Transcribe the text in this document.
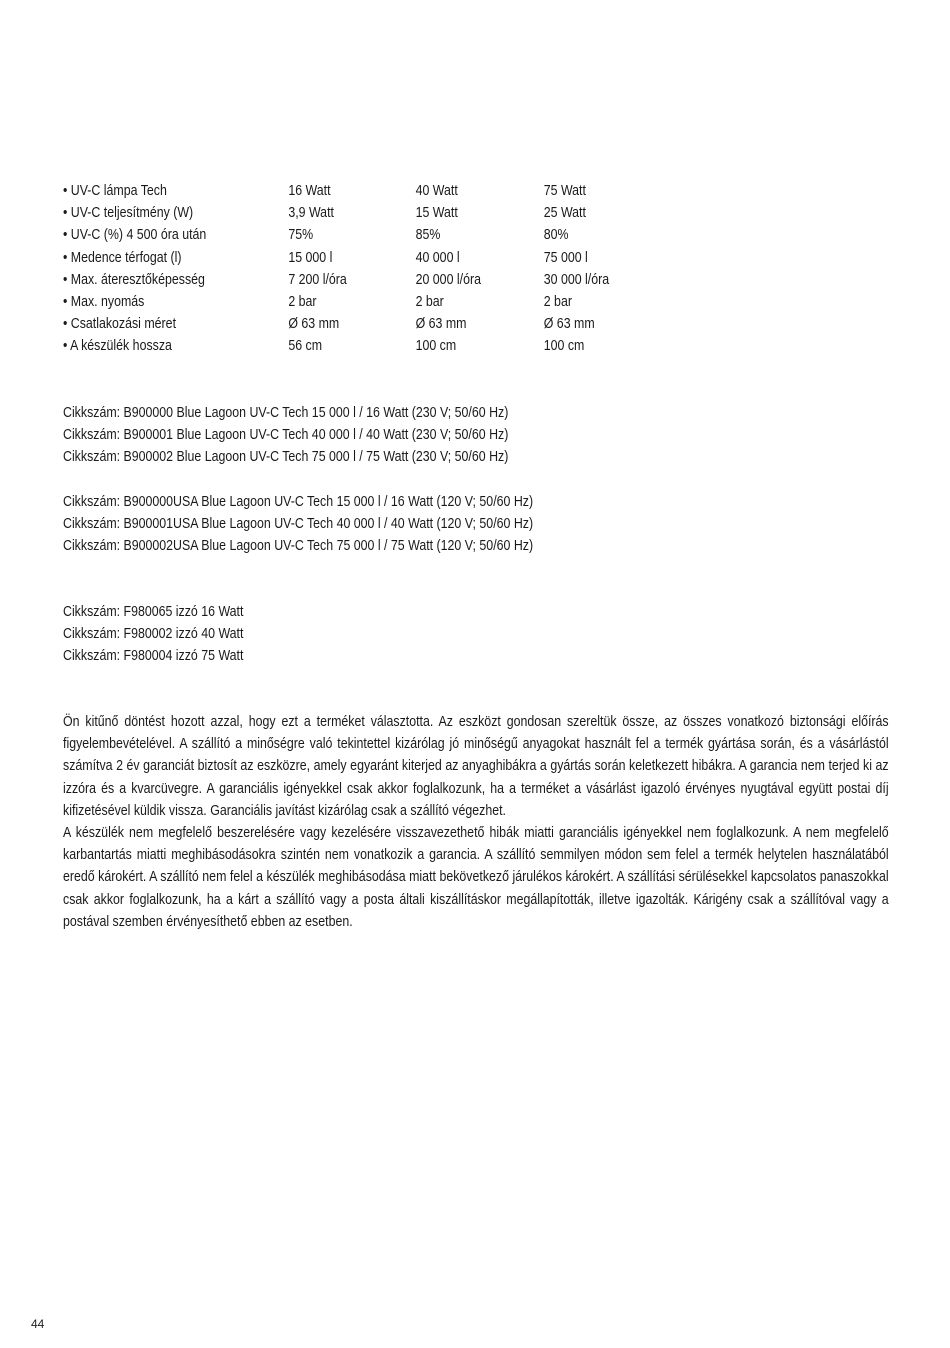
• UV-C lámpa Tech	16 Watt	40 Watt	75 Watt
• UV-C teljesítmény (W)	3,9 Watt	15 Watt	25 Watt
• UV-C (%) 4 500 óra után	75%	85%	80%
• Medence térfogat (l)	15 000 l	40 000 l	75 000 l
• Max. áteresztőképesség	7 200 l/óra	20 000 l/óra	30 000 l/óra
• Max. nyomás	2 bar	2 bar	2 bar
• Csatlakozási méret	Ø 63 mm	Ø 63 mm	Ø 63 mm
• A készülék hossza	56 cm	100 cm	100 cm
Cikkszám: B900000 Blue Lagoon UV-C Tech 15 000 l / 16 Watt (230 V; 50/60 Hz)
Cikkszám: B900001 Blue Lagoon UV-C Tech 40 000 l / 40 Watt (230 V; 50/60 Hz)
Cikkszám: B900002 Blue Lagoon UV-C Tech 75 000 l / 75 Watt (230 V; 50/60 Hz)
Cikkszám: B900000USA Blue Lagoon UV-C Tech 15 000 l / 16 Watt (120 V; 50/60 Hz)
Cikkszám: B900001USA Blue Lagoon UV-C Tech 40 000 l / 40 Watt (120 V; 50/60 Hz)
Cikkszám: B900002USA Blue Lagoon UV-C Tech 75 000 l / 75 Watt (120 V; 50/60 Hz)
Cikkszám: F980065 izzó 16 Watt
Cikkszám: F980002 izzó 40 Watt
Cikkszám: F980004 izzó 75 Watt

Ön kitűnő döntést hozott azzal, hogy ezt a terméket választotta. Az eszközt gondosan szereltük össze, az összes vonatkozó biztonsági előírás figyelembevételével. A szállító a minőségre való tekintettel kizárólag jó minőségű anyagokat használt fel a termék gyártása során, és a vásárlástól számítva 2 év garanciát biztosít az eszközre, amely egyaránt kiterjed az anyaghibákra a gyártás során keletkezett hibákra. A garancia nem terjed ki az izzóra és a kvarcüvegre. A garanciális igényekkel csak akkor foglalkozunk, ha a terméket a vásárlást igazoló érvényes nyugtával együtt postai díj kifizetésével küldik vissza. Garanciális javítást kizárólag csak a szállító végezhet.

A készülék nem megfelelő beszerelésére vagy kezelésére visszavezethető hibák miatti garanciális igényekkel nem foglalkozunk. A nem megfelelő karbantartás miatti meghibásodásokra szintén nem vonatkozik a garancia. A szállító semmilyen módon sem felel a termék helytelen használatából eredő károkért. A szállító nem felel a készülék meghibásodása miatt bekövetkező járulékos károkért. A szállítási sérülésekkel kapcsolatos panaszokkal csak akkor foglalkozunk, ha a kárt a szállító vagy a posta általi kiszállításkor megállapították, illetve igazolták. Kárigény csak a szállítóval vagy a postával szemben érvényesíthető ebben az esetben.

44
